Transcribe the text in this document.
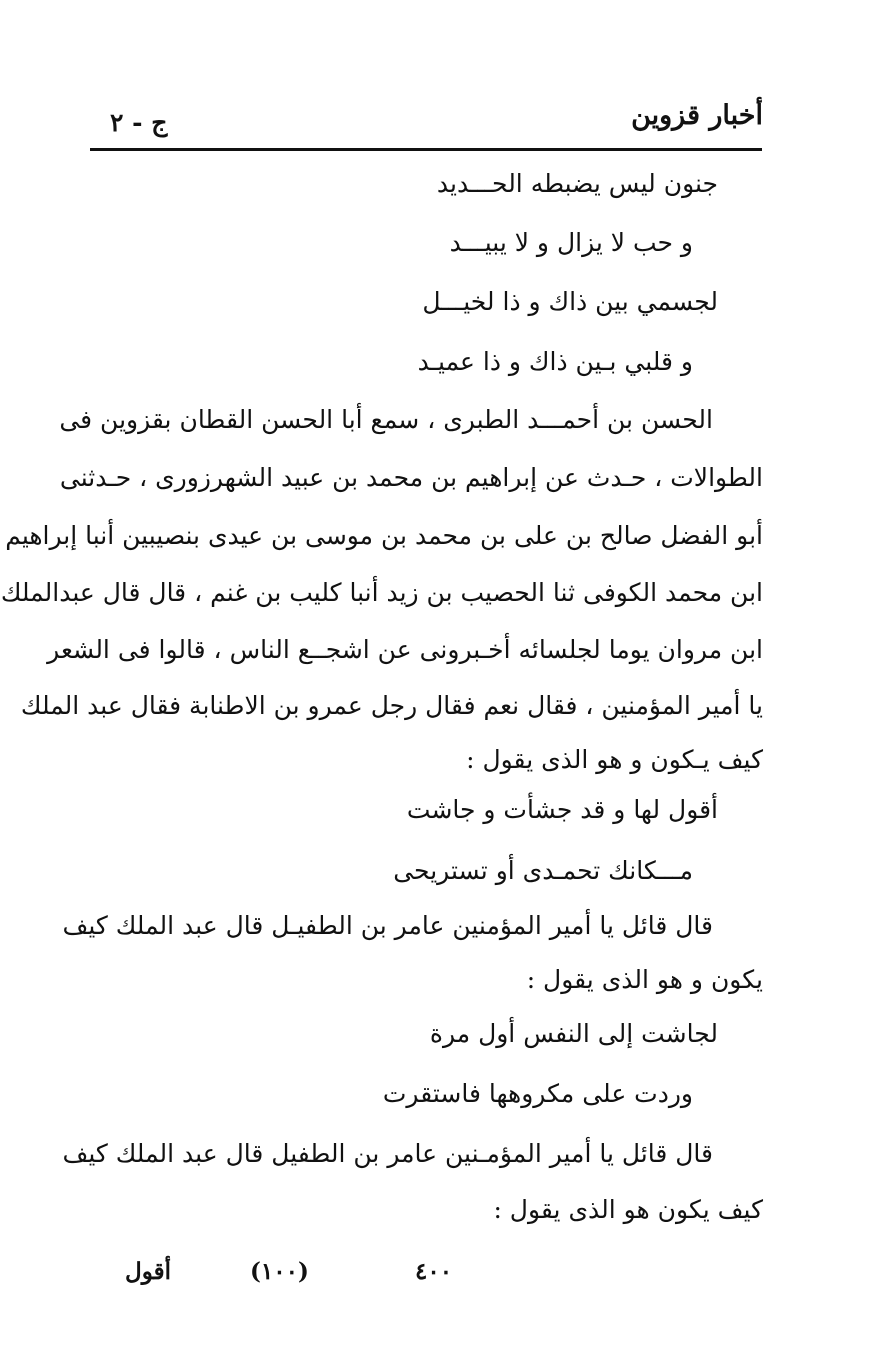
أخبار قزوين
ج - ٢
جنون ليس يضبطه الحـــديد
و حب لا يزال و لا يبيـــد
لجسمي بين ذاك و ذا لخيـــل
و قلبي بـين ذاك و ذا عميـد
الحسن بن أحمـــد الطبرى ، سمع أبا الحسن القطان بقزوين فى
الطوالات ، حـدث عن إبراهيم بن محمد بن عبيد الشهرزورى ، حـدثنى
أبو الفضل صالح بن على بن محمد بن موسى بن عيدى بنصيبين أنبا إبراهيم
ابن محمد الكوفى ثنا الحصيب بن زيد أنبا كليب بن غنم ، قال قال عبدالملك
ابن مروان يوما لجلسائه أخـبرونى عن اشجــع الناس ، قالوا فى الشعر
يا أمير المؤمنين ، فقال نعم فقال رجل عمرو بن الاطنابة فقال عبد الملك
كيف يـكون و هو الذى يقول :
أقول لها و قد جشأت و جاشت
مـــكانك تحمـدى أو تستريحى
قال قائل يا أمير المؤمنين عامر بن الطفيـل قال عبد الملك كيف
يكون و هو الذى يقول :
لجاشت إلى النفس أول مرة
وردت على مكروهها فاستقرت
قال قائل يا أمير المؤمـنين عامر بن الطفيل قال عبد الملك كيف
كيف يكون هو الذى يقول :
٤٠٠
(١٠٠)
أقول
